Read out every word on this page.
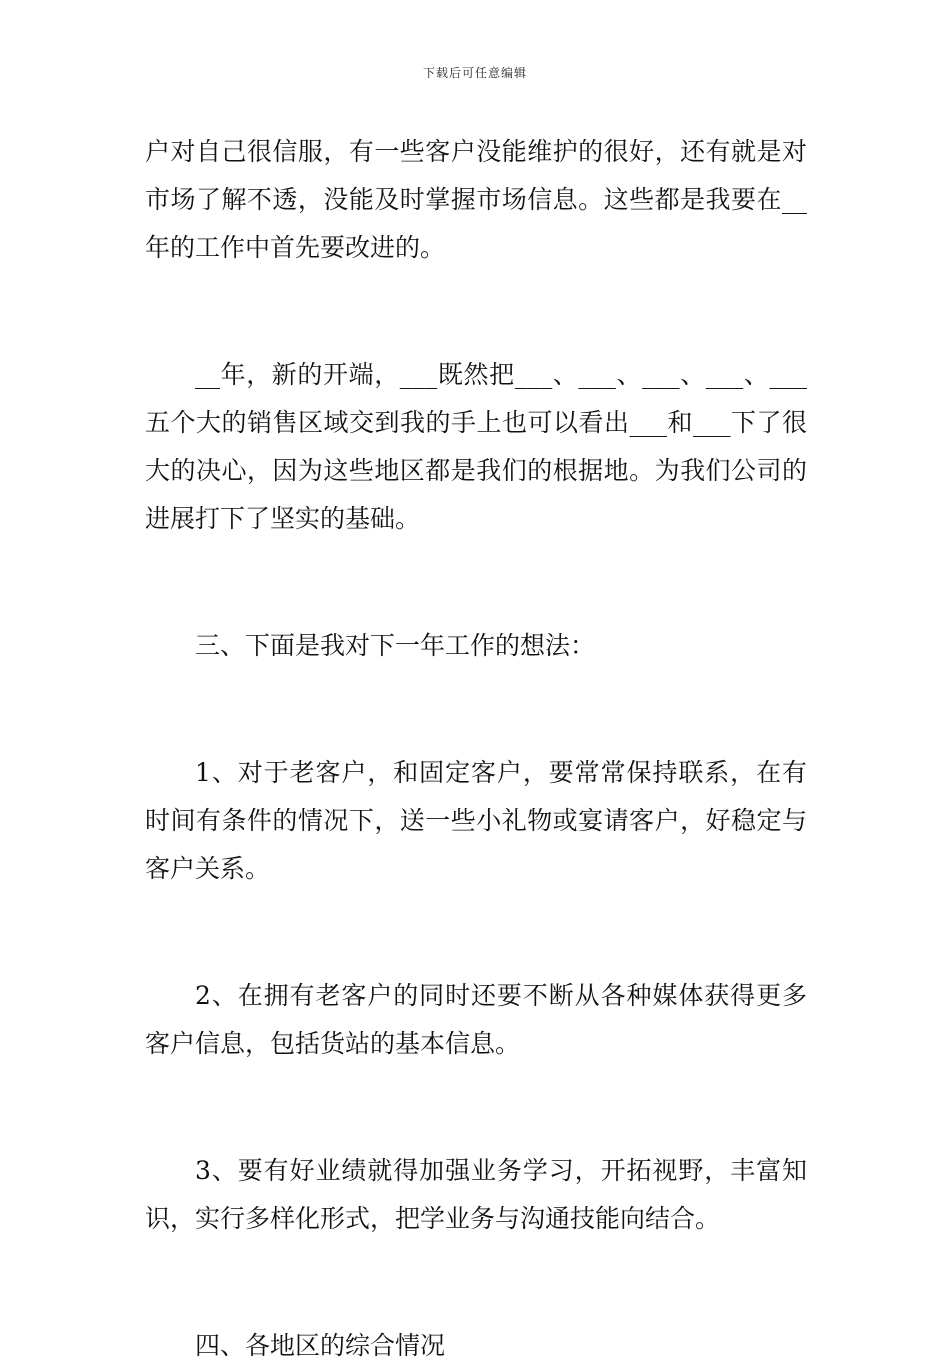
下载后可任意编辑

户对自己很信服，有一些客户没能维护的很好，还有就是对市场了解不透，没能及时掌握市场信息。这些都是我要在__年的工作中首先要改进的。

__年，新的开端，___既然把___、___、___、___、___五个大的销售区域交到我的手上也可以看出___和___下了很大的决心，因为这些地区都是我们的根据地。为我们公司的进展打下了坚实的基础。

三、下面是我对下一年工作的想法：

1、对于老客户，和固定客户，要常常保持联系，在有时间有条件的情况下，送一些小礼物或宴请客户，好稳定与客户关系。

2、在拥有老客户的同时还要不断从各种媒体获得更多客户信息，包括货站的基本信息。

3、要有好业绩就得加强业务学习，开拓视野，丰富知识，实行多样化形式，把学业务与沟通技能向结合。

四、各地区的综合情况
